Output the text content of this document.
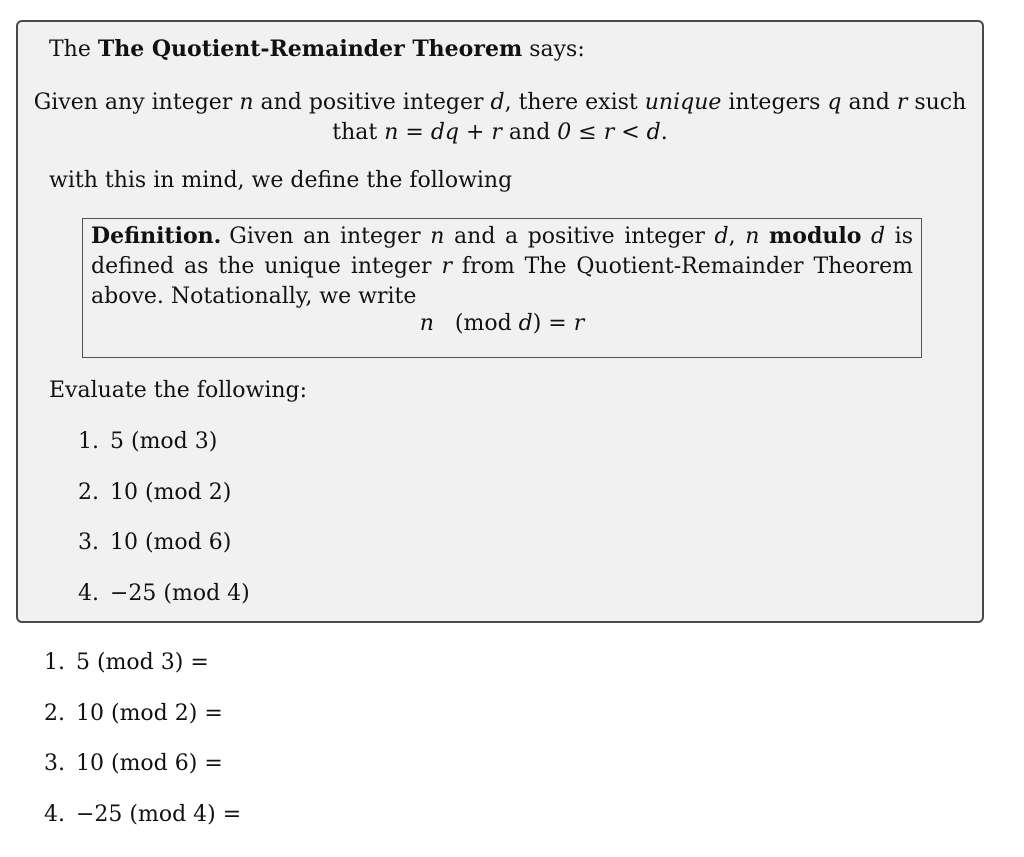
The The Quotient-Remainder Theorem says:
Given any integer n and positive integer d, there exist unique integers q and r such that n = dq + r and 0 ≤ r < d.
with this in mind, we define the following
Definition. Given an integer n and a positive integer d, n modulo d is defined as the unique integer r from The Quotient-Remainder Theorem above. Notationally, we write
n (mod d) = r
Evaluate the following:
1. 5 (mod 3)
2. 10 (mod 2)
3. 10 (mod 6)
4. −25 (mod 4)
1. 5 (mod 3) =
2. 10 (mod 2) =
3. 10 (mod 6) =
4. −25 (mod 4) =
